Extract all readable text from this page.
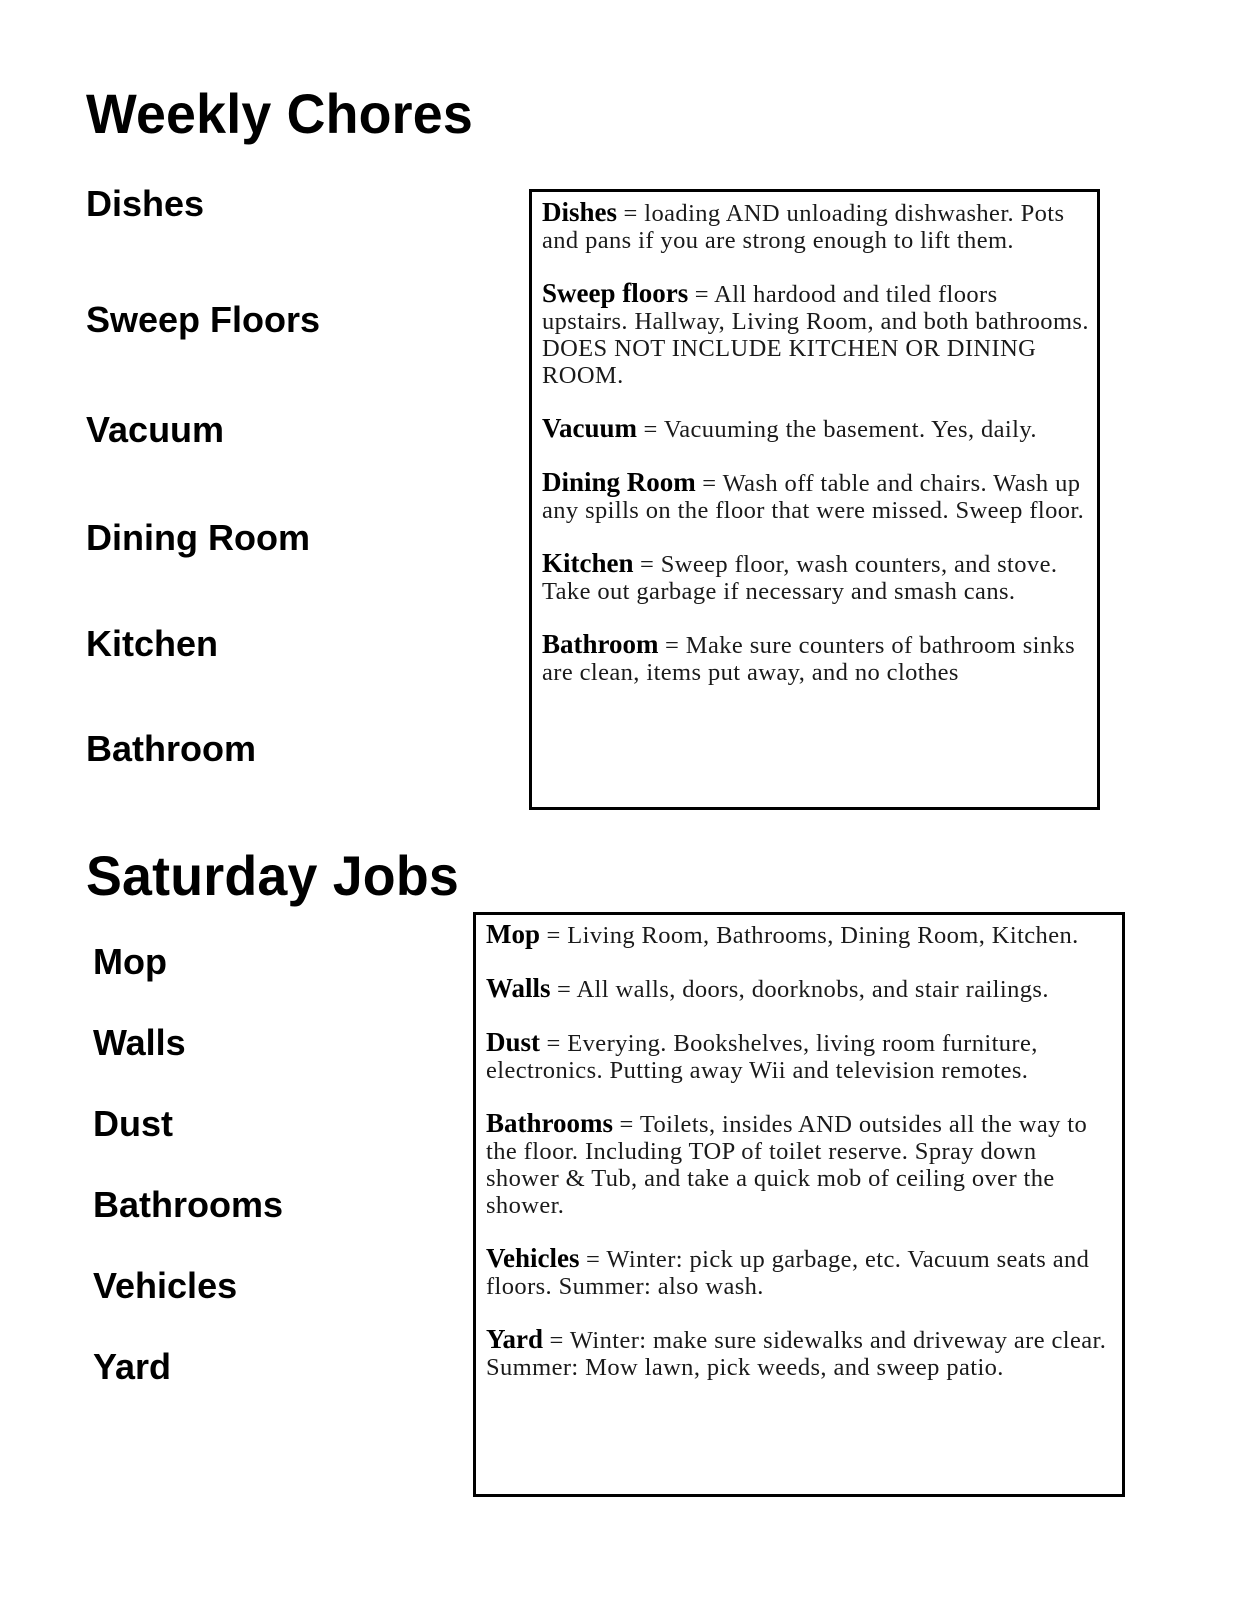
Weekly Chores
Dishes
Sweep Floors
Vacuum
Dining Room
Kitchen
Bathroom

Dishes = loading AND unloading dishwasher. Pots and pans if you are strong enough to lift them.

Sweep floors = All hardood and tiled floors upstairs. Hallway, Living Room, and both bathrooms. DOES NOT INCLUDE KITCHEN OR DINING ROOM.

Vacuum = Vacuuming the basement. Yes, daily.

Dining Room = Wash off table and chairs. Wash up any spills on the floor that were missed. Sweep floor.

Kitchen = Sweep floor, wash counters, and stove. Take out garbage if necessary and smash cans.

Bathroom = Make sure counters of bathroom sinks are clean, items put away, and no clothes

Saturday Jobs
Mop
Walls
Dust
Bathrooms
Vehicles
Yard

Mop = Living Room, Bathrooms, Dining Room, Kitchen.

Walls = All walls, doors, doorknobs, and stair railings.

Dust = Everying. Bookshelves, living room furniture, electronics. Putting away Wii and television remotes.

Bathrooms = Toilets, insides AND outsides all the way to the floor. Including TOP of toilet reserve. Spray down shower & Tub, and take a quick mob of ceiling over the shower.

Vehicles = Winter: pick up garbage, etc. Vacuum seats and floors. Summer: also wash.

Yard = Winter: make sure sidewalks and driveway are clear. Summer: Mow lawn, pick weeds, and sweep patio.
